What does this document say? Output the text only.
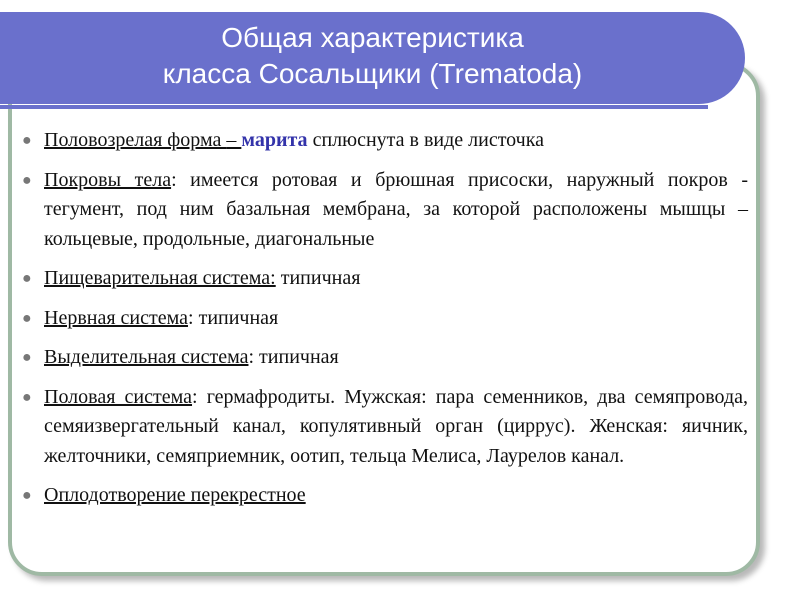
Общая характеристика
класса Сосальщики (Trematoda)
● Половозрелая форма – марита сплюснута в виде листочка
● Покровы тела: имеется ротовая и брюшная присоски, наружный покров - тегумент, под ним базальная мембрана, за которой расположены мышцы – кольцевые, продольные, диагональные
● Пищеварительная система: типичная
● Нервная система: типичная
● Выделительная система: типичная
● Половая система: гермафродиты. Мужская: пара семенников, два семяпровода, семяизвергательный канал, копулятивный орган (циррус). Женская: яичник, желточники, семяприемник, оотип, тельца Мелиса, Лаурелов канал.
● Оплодотворение перекрестное
